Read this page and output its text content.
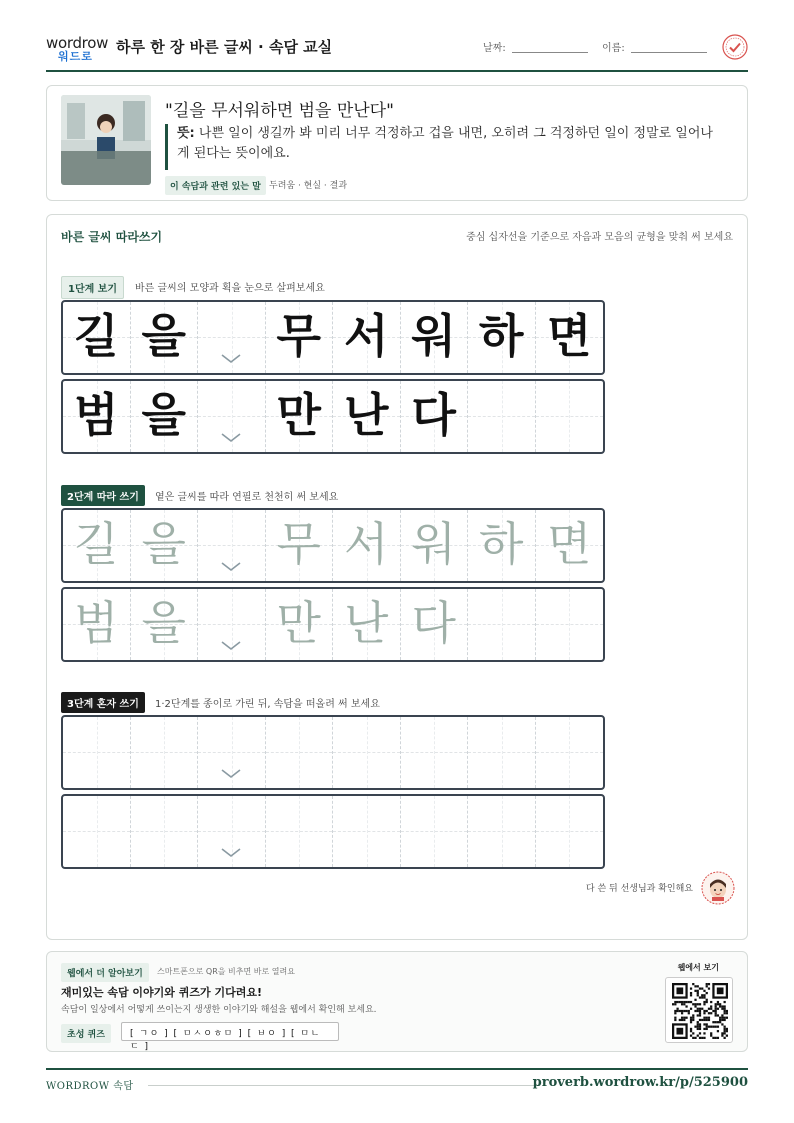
wordrow
워드로
하루 한 장 바른 글씨 · 속담 교실	날짜:	이름:
"길을 무서워하면 범을 만난다"
뜻: 나쁜 일이 생길까 봐 미리 너무 걱정하고 겁을 내면, 오히려 그 걱정하던 일이 정말로 일어나게 된다는 뜻이에요.
이 속담과 관련 있는 말 두려움 · 현실 · 결과
바른 글씨 따라쓰기	중심 십자선을 기준으로 자음과 모음의 균형을 맞춰 써 보세요
1단계 보기	바른 글씨의 모양과 획을 눈으로 살펴보세요
길 을 무 서 워 하 면
범 을 만 난 다
2단계 따라 쓰기	옅은 글씨를 따라 연필로 천천히 써 보세요
길 을 무 서 워 하 면
범 을 만 난 다
3단계 혼자 쓰기	1·2단계를 종이로 가린 뒤, 속담을 떠올려 써 보세요
다 쓴 뒤 선생님과 확인해요
웹에서 더 알아보기	스마트폰으로 QR을 비추면 바로 열려요
재미있는 속담 이야기와 퀴즈가 기다려요!
속담이 일상에서 어떻게 쓰이는지 생생한 이야기와 해설을 웹에서 확인해 보세요.
초성 퀴즈	[ ㄱㅇ ] [ ㅁㅅㅇㅎㅁ ] [ ㅂㅇ ] [ ㅁㄴㄷ ]
웹에서 보기
WORDROW 속담	proverb.wordrow.kr/p/525900
